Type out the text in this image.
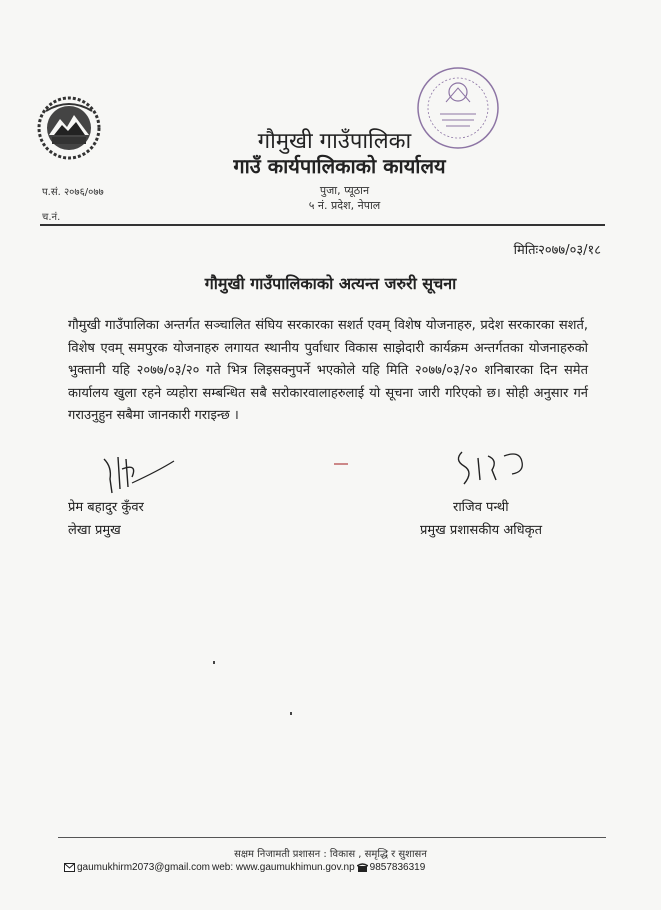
गौमुखी गाउँपालिका
गाउँ कार्यपालिकाको कार्यालय
पुजा, प्यूठान
५ नं. प्रदेश, नेपाल
प.सं. २०७६/०७७
च.नं.
मितिः२०७७/०३/१८
गौमुखी गाउँपालिकाको अत्यन्त जरुरी सूचना
गौमुखी गाउँपालिका अन्तर्गत सञ्चालित संघिय सरकारका सशर्त एवम् विशेष योजनाहरु, प्रदेश सरकारका सशर्त, विशेष एवम् समपुरक योजनाहरु लगायत स्थानीय पुर्वाधार विकास साझेदारी कार्यक्रम अन्तर्गतका योजनाहरुको भुक्तानी यहि २०७७/०३/२० गते भित्र लिइसक्नुपर्ने भएकोले यहि मिति २०७७/०३/२० शनिबारका दिन समेत कार्यालय खुला रहने व्यहोरा सम्बन्धित सबै सरोकारवालाहरुलाई यो सूचना जारी गरिएको छ। सोही अनुसार गर्न गराउनुहुन सबैमा जानकारी गराइन्छ ।
प्रेम बहादुर कुँवर
लेखा प्रमुख
राजिव पन्थी
प्रमुख प्रशासकीय अधिकृत
सक्षम निजामती प्रशासन : विकास , समृद्धि र सुशासन
gaumukhirm2073@gmail.com web: www.gaumukhimun.gov.np 9857836319
